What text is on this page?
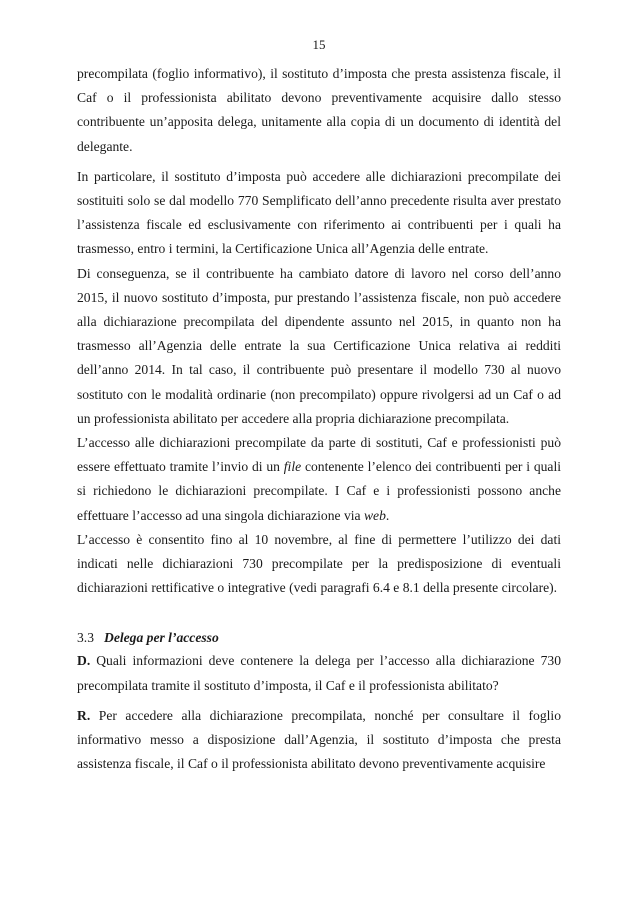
15

precompilata (foglio informativo), il sostituto d’imposta che presta assistenza fiscale, il Caf o il professionista abilitato devono preventivamente acquisire dallo stesso contribuente un’apposita delega, unitamente alla copia di un documento di identità del delegante.

In particolare, il sostituto d’imposta può accedere alle dichiarazioni precompilate dei sostituiti solo se dal modello 770 Semplificato dell’anno precedente risulta aver prestato l’assistenza fiscale ed esclusivamente con riferimento ai contribuenti per i quali ha trasmesso, entro i termini, la Certificazione Unica all’Agenzia delle entrate.

Di conseguenza, se il contribuente ha cambiato datore di lavoro nel corso dell’anno 2015, il nuovo sostituto d’imposta, pur prestando l’assistenza fiscale, non può accedere alla dichiarazione precompilata del dipendente assunto nel 2015, in quanto non ha trasmesso all’Agenzia delle entrate la sua Certificazione Unica relativa ai redditi dell’anno 2014. In tal caso, il contribuente può presentare il modello 730 al nuovo sostituto con le modalità ordinarie (non precompilato) oppure rivolgersi ad un Caf o ad un professionista abilitato per accedere alla propria dichiarazione precompilata.

L’accesso alle dichiarazioni precompilate da parte di sostituti, Caf e professionisti può essere effettuato tramite l’invio di un file contenente l’elenco dei contribuenti per i quali si richiedono le dichiarazioni precompilate. I Caf e i professionisti possono anche effettuare l’accesso ad una singola dichiarazione via web.

L’accesso è consentito fino al 10 novembre, al fine di permettere l’utilizzo dei dati indicati nelle dichiarazioni 730 precompilate per la predisposizione di eventuali dichiarazioni rettificative o integrative (vedi paragrafi 6.4 e 8.1 della presente circolare).

3.3 Delega per l’accesso

D. Quali informazioni deve contenere la delega per l’accesso alla dichiarazione 730 precompilata tramite il sostituto d’imposta, il Caf e il professionista abilitato?

R. Per accedere alla dichiarazione precompilata, nonché per consultare il foglio informativo messo a disposizione dall’Agenzia, il sostituto d’imposta che presta assistenza fiscale, il Caf o il professionista abilitato devono preventivamente acquisire
